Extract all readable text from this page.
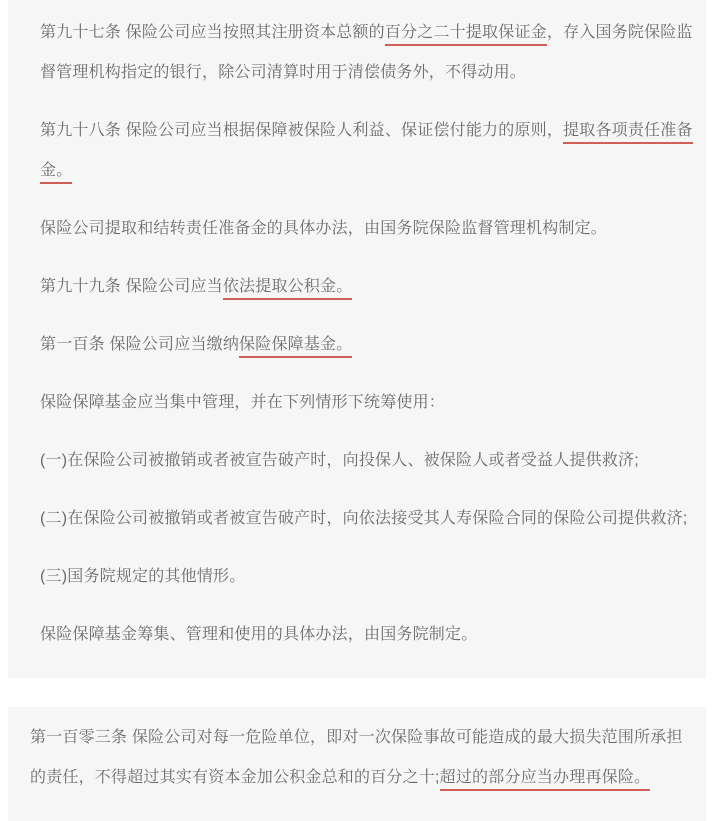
第九十七条 保险公司应当按照其注册资本总额的百分之二十提取保证金，存入国务院保险监督管理机构指定的银行，除公司清算时用于清偿债务外，不得动用。

第九十八条 保险公司应当根据保障被保险人利益、保证偿付能力的原则，提取各项责任准备金。

保险公司提取和结转责任准备金的具体办法，由国务院保险监督管理机构制定。

第九十九条 保险公司应当依法提取公积金。

第一百条 保险公司应当缴纳保险保障基金。

保险保障基金应当集中管理，并在下列情形下统筹使用：

(一)在保险公司被撤销或者被宣告破产时，向投保人、被保险人或者受益人提供救济;

(二)在保险公司被撤销或者被宣告破产时，向依法接受其人寿保险合同的保险公司提供救济;

(三)国务院规定的其他情形。

保险保障基金筹集、管理和使用的具体办法，由国务院制定。

第一百零三条 保险公司对每一危险单位，即对一次保险事故可能造成的最大损失范围所承担的责任，不得超过其实有资本金加公积金总和的百分之十;超过的部分应当办理再保险。
